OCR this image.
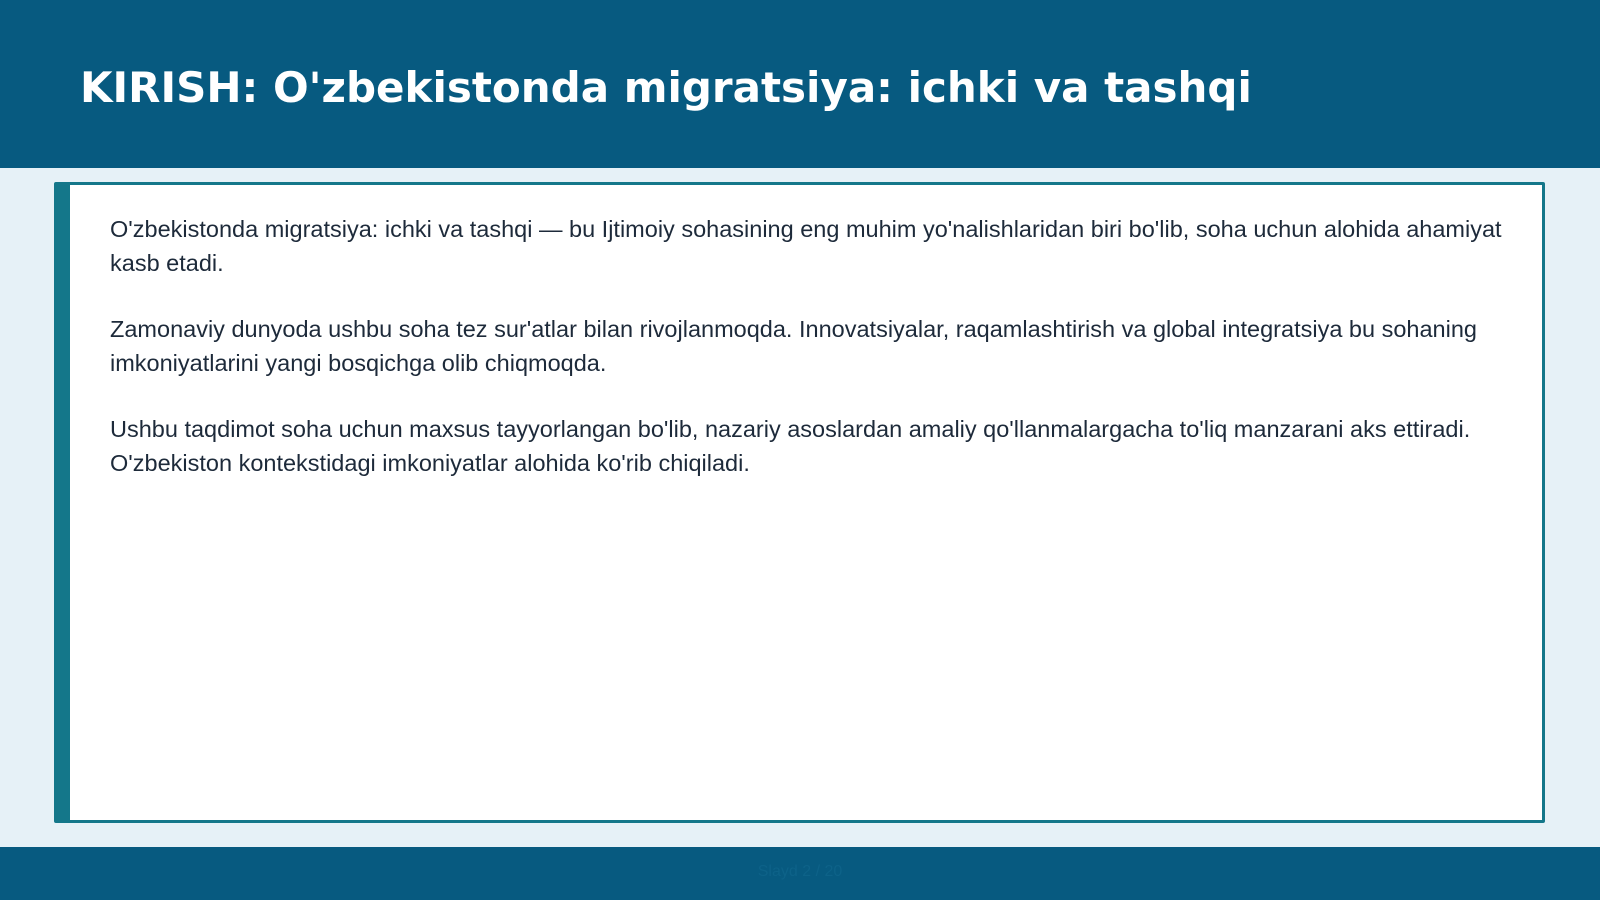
KIRISH: O'zbekistonda migratsiya: ichki va tashqi

O'zbekistonda migratsiya: ichki va tashqi — bu Ijtimoiy sohasining eng muhim yo'nalishlaridan biri bo'lib, soha uchun alohida ahamiyat kasb etadi.

Zamonaviy dunyoda ushbu soha tez sur'atlar bilan rivojlanmoqda. Innovatsiyalar, raqamlashtirish va global integratsiya bu sohaning imkoniyatlarini yangi bosqichga olib chiqmoqda.

Ushbu taqdimot soha uchun maxsus tayyorlangan bo'lib, nazariy asoslardan amaliy qo'llanmalargacha to'liq manzarani aks ettiradi. O'zbekiston kontekstidagi imkoniyatlar alohida ko'rib chiqiladi.

Slayd 2 / 20
